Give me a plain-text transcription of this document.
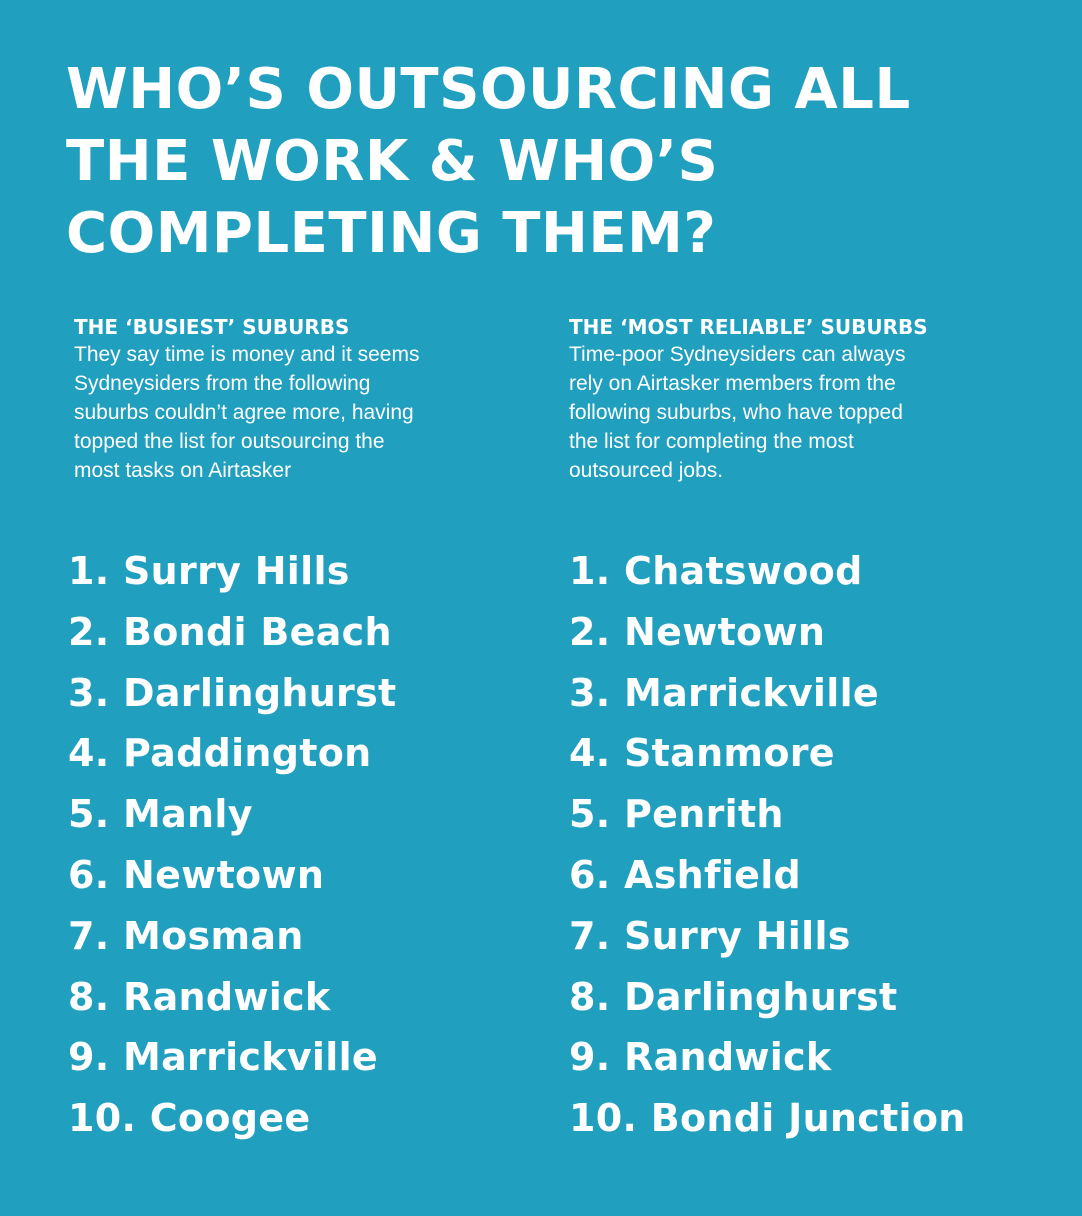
WHO’S OUTSOURCING ALL
THE WORK & WHO’S
COMPLETING THEM?
THE ‘BUSIEST’ SUBURBS

They say time is money and it seems
Sydneysiders from the following
suburbs couldn’t agree more, having
topped the list for outsourcing the
most tasks on Airtasker

THE ‘MOST RELIABLE’ SUBURBS

Time-poor Sydneysiders can always
rely on Airtasker members from the
following suburbs, who have topped
the list for completing the most
outsourced jobs.

1. Surry Hills
2. Bondi Beach
3. Darlinghurst
4. Paddington
5. Manly
6. Newtown
7. Mosman
8. Randwick
9. Marrickville
10. Coogee
1. Chatswood
2. Newtown
3. Marrickville
4. Stanmore
5. Penrith
6. Ashfield
7. Surry Hills
8. Darlinghurst
9. Randwick
10. Bondi Junction
